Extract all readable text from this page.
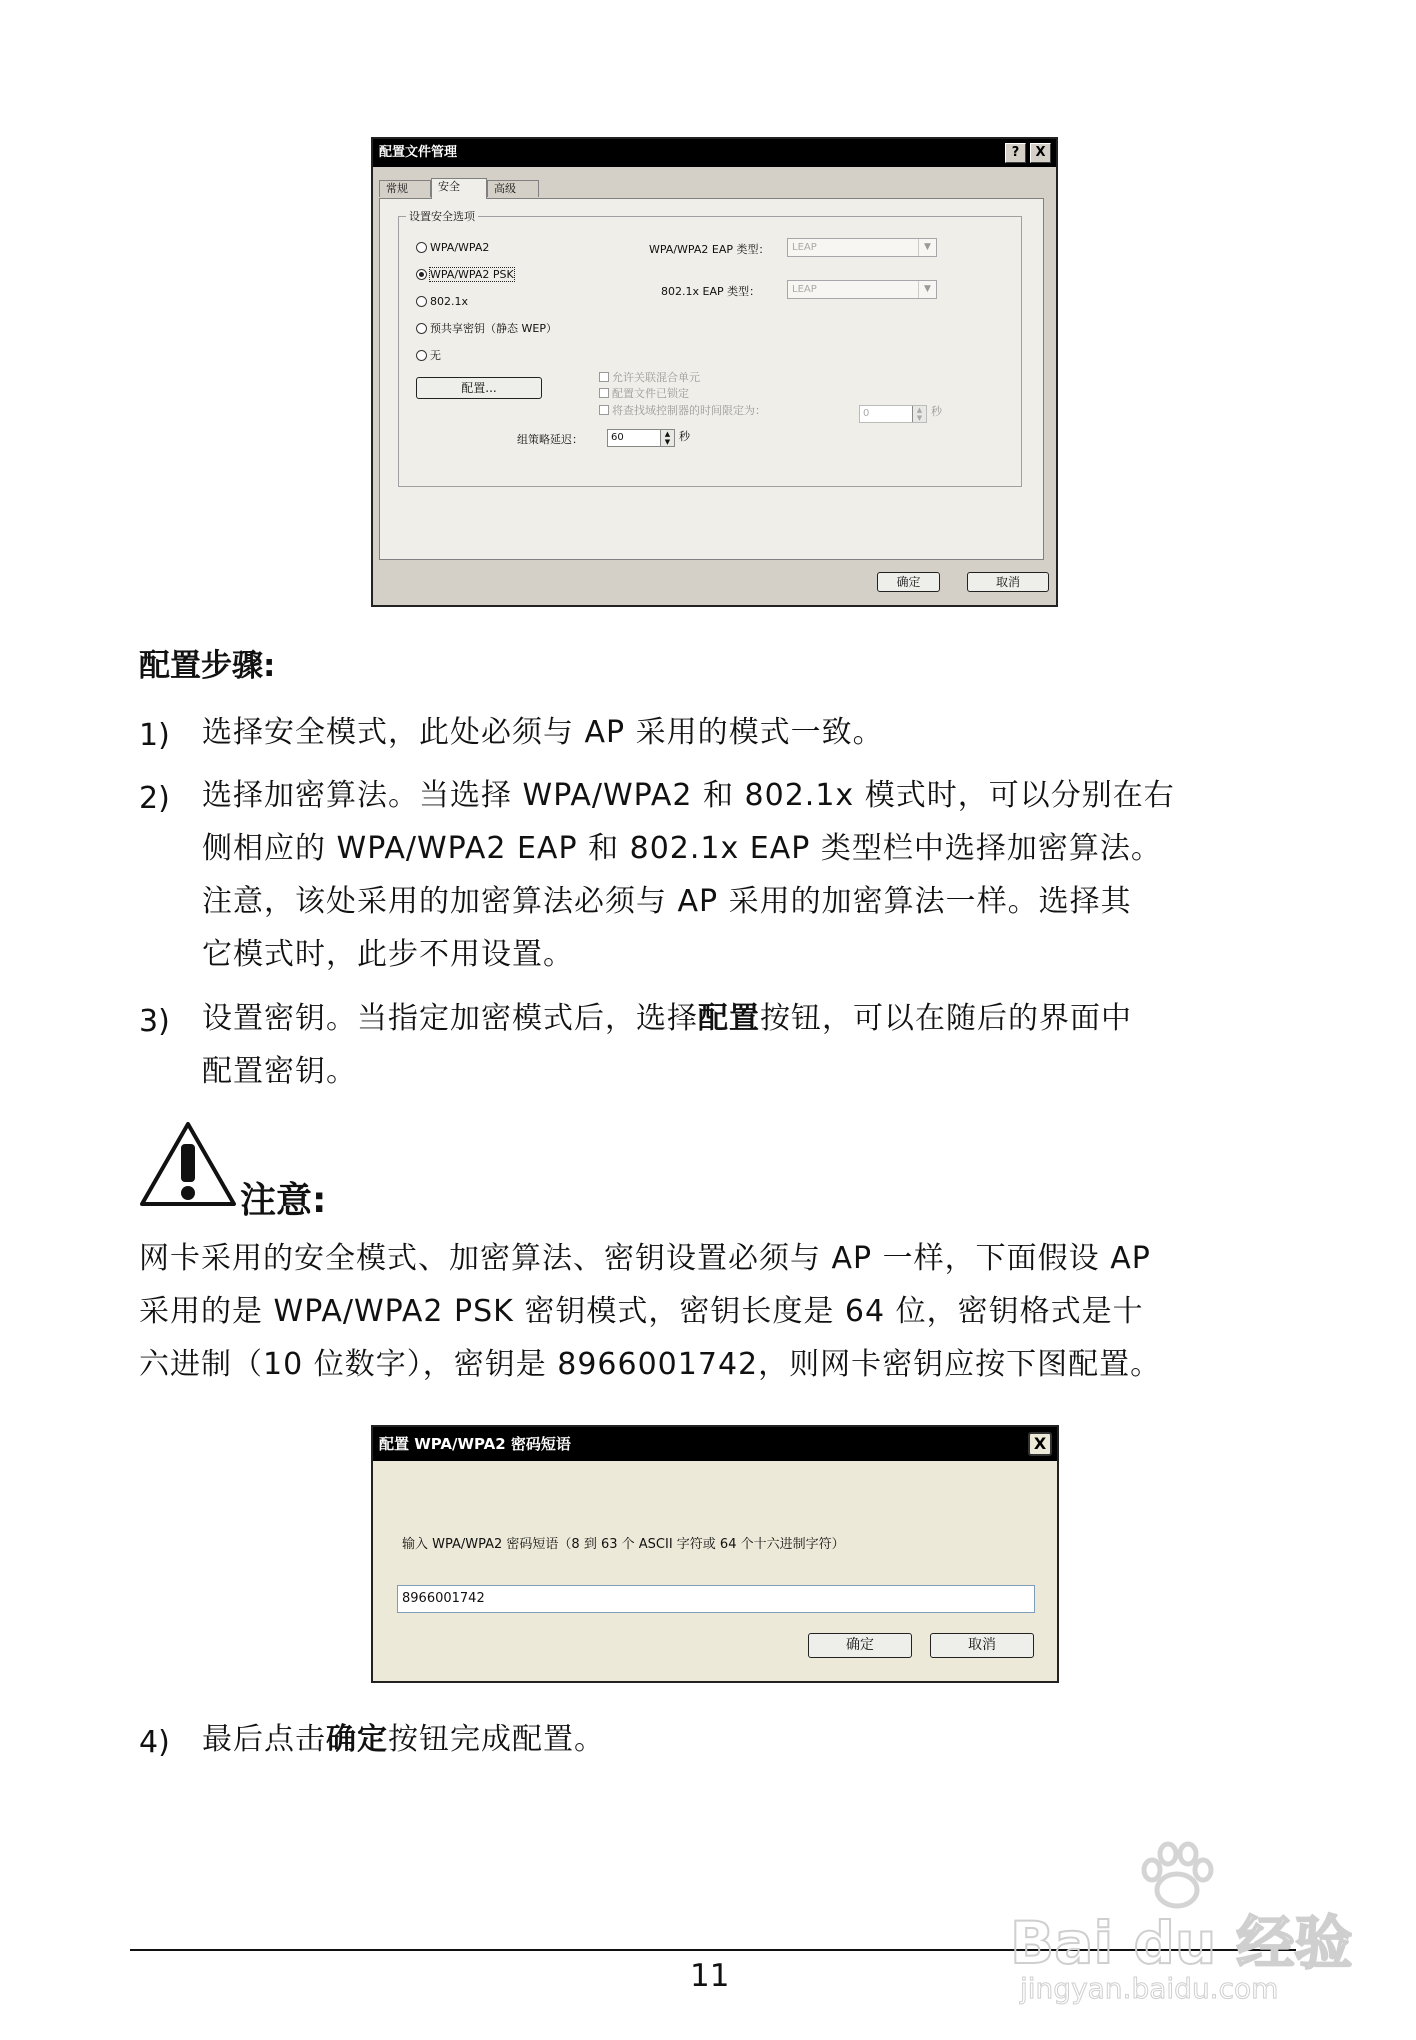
配置文件管理	?	X
常规	安全	高级
设置安全选项
WPA/WPA2
WPA/WPA2 PSK
802.1x
预共享密钥（静态 WEP）
无
WPA/WPA2 EAP 类型：	LEAP	▼
802.1x EAP 类型：	LEAP	▼
配置...
允许关联混合单元
配置文件已锁定
将查找域控制器的时间限定为：	0	▲
▼ 秒
组策略延迟：	60	▲
▼ 秒
确定	取消
配置步骤:
1) 选择安全模式，此处必须与 AP 采用的模式一致。
2) 选择加密算法。当选择 WPA/WPA2 和 802.1x 模式时，可以分别在右
侧相应的 WPA/WPA2 EAP 和 802.1x EAP 类型栏中选择加密算法。
注意，该处采用的加密算法必须与 AP 采用的加密算法一样。选择其
它模式时，此步不用设置。
3) 设置密钥。当指定加密模式后，选择配置按钮，可以在随后的界面中
配置密钥。
注意:
网卡采用的安全模式、加密算法、密钥设置必须与 AP 一样，下面假设 AP
采用的是 WPA/WPA2 PSK 密钥模式，密钥长度是 64 位，密钥格式是十
六进制（10 位数字），密钥是 8966001742，则网卡密钥应按下图配置。
配置 WPA/WPA2 密码短语	X
输入 WPA/WPA2 密码短语（8 到 63 个 ASCII 字符或 64 个十六进制字符）
8966001742
确定	取消
4) 最后点击确定按钮完成配置。
11	Bai du 经验
jingyan.baidu.com
